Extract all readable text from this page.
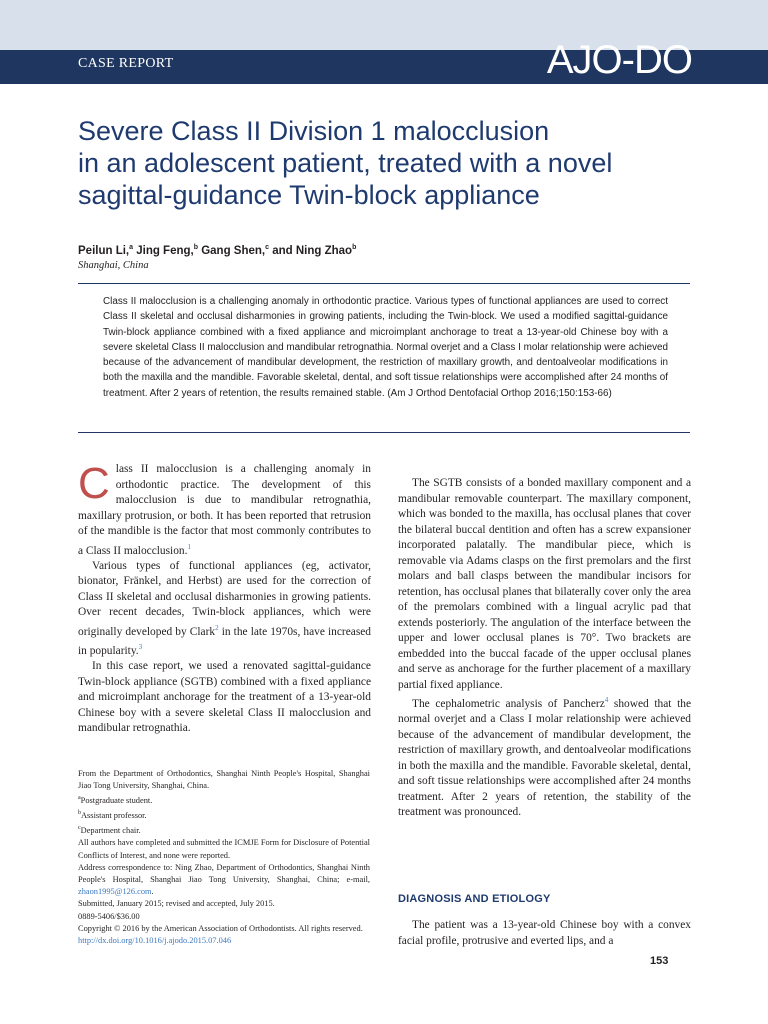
CASE REPORT	AJO-DO
Severe Class II Division 1 malocclusion
in an adolescent patient, treated with a novel
sagittal-guidance Twin-block appliance
Peilun Li,$^a$ Jing Feng,$^b$ Gang Shen,$^c$ and Ning Zhao$^b$
Shanghai, China

Class II malocclusion is a challenging anomaly in orthodontic practice. Various types of functional appliances are used to correct Class II skeletal and occlusal disharmonies in growing patients, including the Twin-block. We used a modified sagittal-guidance Twin-block appliance combined with a fixed appliance and microimplant anchorage to treat a 13-year-old Chinese boy with a severe skeletal Class II malocclusion and mandibular retrognathia. Normal overjet and a Class I molar relationship were achieved because of the advancement of mandibular development, the restriction of maxillary growth, and dentoalveolar modifications in both the maxilla and the mandible. Favorable skeletal, dental, and soft tissue relationships were accomplished after 24 months of treatment. After 2 years of retention, the results remained stable. (Am J Orthod Dentofacial Orthop 2016;150:153-66)

Class II malocclusion is a challenging anomaly in orthodontic practice. The development of this malocclusion is due to mandibular retrognathia, maxillary protrusion, or both. It has been reported that retrusion of the mandible is the factor that most commonly contributes to a Class II malocclusion.$^1$

Various types of functional appliances (eg, activator, bionator, Fränkel, and Herbst) are used for the correction of Class II skeletal and occlusal disharmonies in growing patients. Over recent decades, Twin-block appliances, which were originally developed by Clark$^2$ in the late 1970s, have increased in popularity.$^3$

In this case report, we used a renovated sagittal-guidance Twin-block appliance (SGTB) combined with a fixed appliance and microimplant anchorage for the treatment of a 13-year-old Chinese boy with a severe skeletal Class II malocclusion and mandibular retrognathia.

From the Department of Orthodontics, Shanghai Ninth People's Hospital, Shanghai Jiao Tong University, Shanghai, China.
$^a$Postgraduate student.
$^b$Assistant professor.
$^c$Department chair.
All authors have completed and submitted the ICMJE Form for Disclosure of Potential Conflicts of Interest, and none were reported.
Address correspondence to: Ning Zhao, Department of Orthodontics, Shanghai Ninth People's Hospital, Shanghai Jiao Tong University, Shanghai, China; e-mail, zhaon1995@126.com.
Submitted, January 2015; revised and accepted, July 2015.
0889-5406/$36.00
Copyright © 2016 by the American Association of Orthodontists. All rights reserved.
http://dx.doi.org/10.1016/j.ajodo.2015.07.046

The SGTB consists of a bonded maxillary component and a mandibular removable counterpart. The maxillary component, which was bonded to the maxilla, has occlusal planes that cover the bilateral buccal dentition and often has a screw expansioner incorporated palatally. The mandibular piece, which is removable via Adams clasps on the first premolars and the first molars and ball clasps between the mandibular incisors for retention, has occlusal planes that bilaterally cover only the area of the premolars combined with a lingual acrylic pad that extends posteriorly. The angulation of the interface between the upper and lower occlusal planes is 70°. Two brackets are embedded into the buccal facade of the upper occlusal planes and serve as anchorage for the further placement of a maxillary partial fixed appliance.

The cephalometric analysis of Pancherz$^4$ showed that the normal overjet and a Class I molar relationship were achieved because of the advancement of mandibular development, the restriction of maxillary growth, and dentoalveolar modifications in both the maxilla and the mandible. Favorable skeletal, dental, and soft tissue relationships were accomplished after 24 months treatment. After 2 years of retention, the stability of the treatment was pronounced.

DIAGNOSIS AND ETIOLOGY

The patient was a 13-year-old Chinese boy with a convex facial profile, protrusive and everted lips, and a

153
